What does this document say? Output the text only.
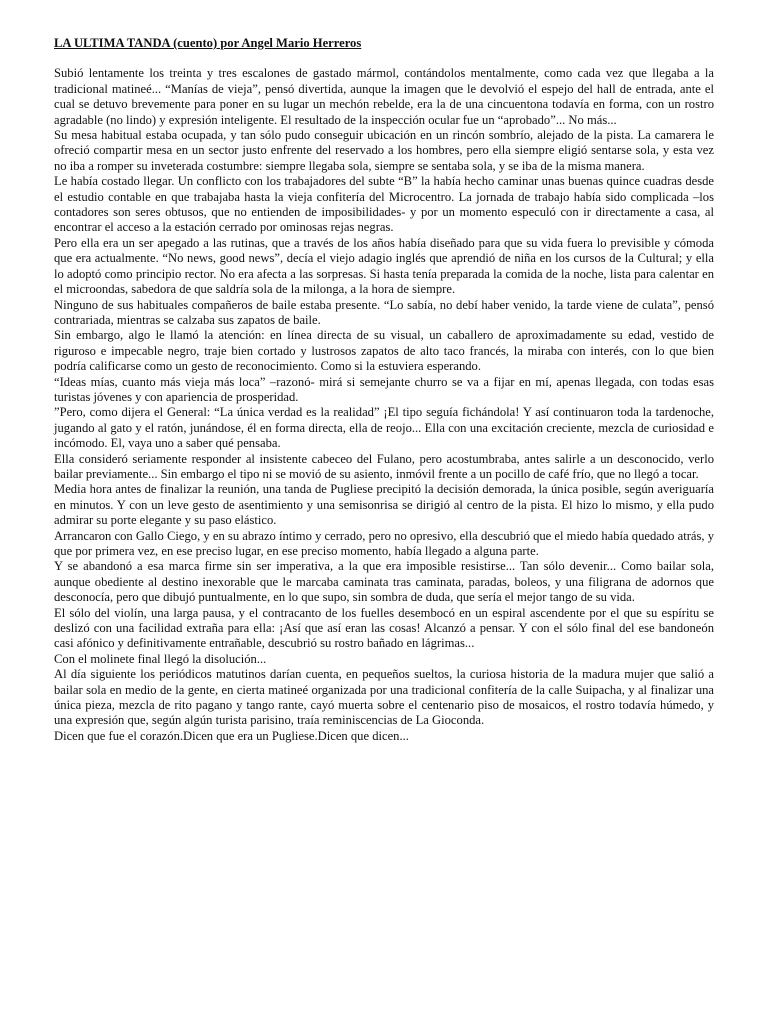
LA ULTIMA TANDA (cuento) por Angel Mario Herreros

Subió lentamente los treinta y tres escalones de gastado mármol, contándolos mentalmente, como cada vez que llegaba a la tradicional matineé... “Manías de vieja”, pensó divertida, aunque la imagen que le devolvió el espejo del hall de entrada, ante el cual se detuvo brevemente para poner en su lugar un mechón rebelde, era la de una cincuentona todavía en forma, con un rostro agradable (no lindo) y expresión inteligente. El resultado de la inspección ocular fue un “aprobado”... No más...

Su mesa habitual estaba ocupada, y tan sólo pudo conseguir ubicación en un rincón sombrío, alejado de la pista. La camarera le ofreció compartir mesa en un sector justo enfrente del reservado a los hombres, pero ella siempre eligió sentarse sola, y esta vez no iba a romper su inveterada costumbre: siempre llegaba sola, siempre se sentaba sola, y se iba de la misma manera.

Le había costado llegar. Un conflicto con los trabajadores del subte “B” la había hecho caminar unas buenas quince cuadras desde el estudio contable en que trabajaba hasta la vieja confitería del Microcentro. La jornada de trabajo había sido complicada –los contadores son seres obtusos, que no entienden de imposibilidades- y por un momento especuló con ir directamente a casa, al encontrar el acceso a la estación cerrado por ominosas rejas negras.

Pero ella era un ser apegado a las rutinas, que a través de los años había diseñado para que su vida fuera lo previsible y cómoda que era actualmente. “No news, good news”, decía el viejo adagio inglés que aprendió de niña en los cursos de la Cultural; y ella lo adoptó como principio rector. No era afecta a las sorpresas. Si hasta tenía preparada la comida de la noche, lista para calentar en el microondas, sabedora de que saldría sola de la milonga, a la hora de siempre.

Ninguno de sus habituales compañeros de baile estaba presente. “Lo sabía, no debí haber venido, la tarde viene de culata”, pensó contrariada, mientras se calzaba sus zapatos de baile.

Sin embargo, algo le llamó la atención: en línea directa de su visual, un caballero de aproximadamente su edad, vestido de riguroso e impecable negro, traje bien cortado y lustrosos zapatos de alto taco francés, la miraba con interés, con lo que bien podría calificarse como un gesto de reconocimiento. Como si la estuviera esperando.

“Ideas mías, cuanto más vieja más loca” –razonó- mirá si semejante churro se va a fijar en mí, apenas llegada, con todas esas turistas jóvenes y con apariencia de prosperidad.

”Pero, como dijera el General: “La única verdad es la realidad” ¡El tipo seguía fichándola! Y así continuaron toda la tardenoche, jugando al gato y el ratón, junándose, él en forma directa, ella de reojo... Ella con una excitación creciente, mezcla de curiosidad e incómodo. El, vaya uno a saber qué pensaba.

Ella consideró seriamente responder al insistente cabeceo del Fulano, pero acostumbraba, antes salirle a un desconocido, verlo bailar previamente... Sin embargo el tipo ni se movió de su asiento, inmóvil frente a un pocillo de café frío, que no llegó a tocar.

Media hora antes de finalizar la reunión, una tanda de Pugliese precipitó la decisión demorada, la única posible, según averiguaría en minutos. Y con un leve gesto de asentimiento y una semisonrisa se dirigió al centro de la pista. El hizo lo mismo, y ella pudo admirar su porte elegante y su paso elástico.

Arrancaron con Gallo Ciego, y en su abrazo íntimo y cerrado, pero no opresivo, ella descubrió que el miedo había quedado atrás, y que por primera vez, en ese preciso lugar, en ese preciso momento, había llegado a alguna parte.

Y se abandonó a esa marca firme sin ser imperativa, a la que era imposible resistirse... Tan sólo devenir... Como bailar sola, aunque obediente al destino inexorable que le marcaba caminata tras caminata, paradas, boleos, y una filigrana de adornos que desconocía, pero que dibujó puntualmente, en lo que supo, sin sombra de duda, que sería el mejor tango de su vida.

El sólo del violín, una larga pausa, y el contracanto de los fuelles desembocó en un espiral ascendente por el que su espíritu se deslizó con una facilidad extraña para ella: ¡Así que así eran las cosas! Alcanzó a pensar. Y con el sólo final del ese bandoneón casi afónico y definitivamente entrañable, descubrió su rostro bañado en lágrimas...

Con el molinete final llegó la disolución...

Al día siguiente los periódicos matutinos darían cuenta, en pequeños sueltos, la curiosa historia de la madura mujer que salió a bailar sola en medio de la gente, en cierta matineé organizada por una tradicional confitería de la calle Suipacha, y al finalizar una única pieza, mezcla de rito pagano y tango rante, cayó muerta sobre el centenario piso de mosaicos, el rostro todavía húmedo, y una expresión que, según algún turista parisino, traía reminiscencias de La Gioconda.

Dicen que fue el corazón.Dicen que era un Pugliese.Dicen que dicen...
